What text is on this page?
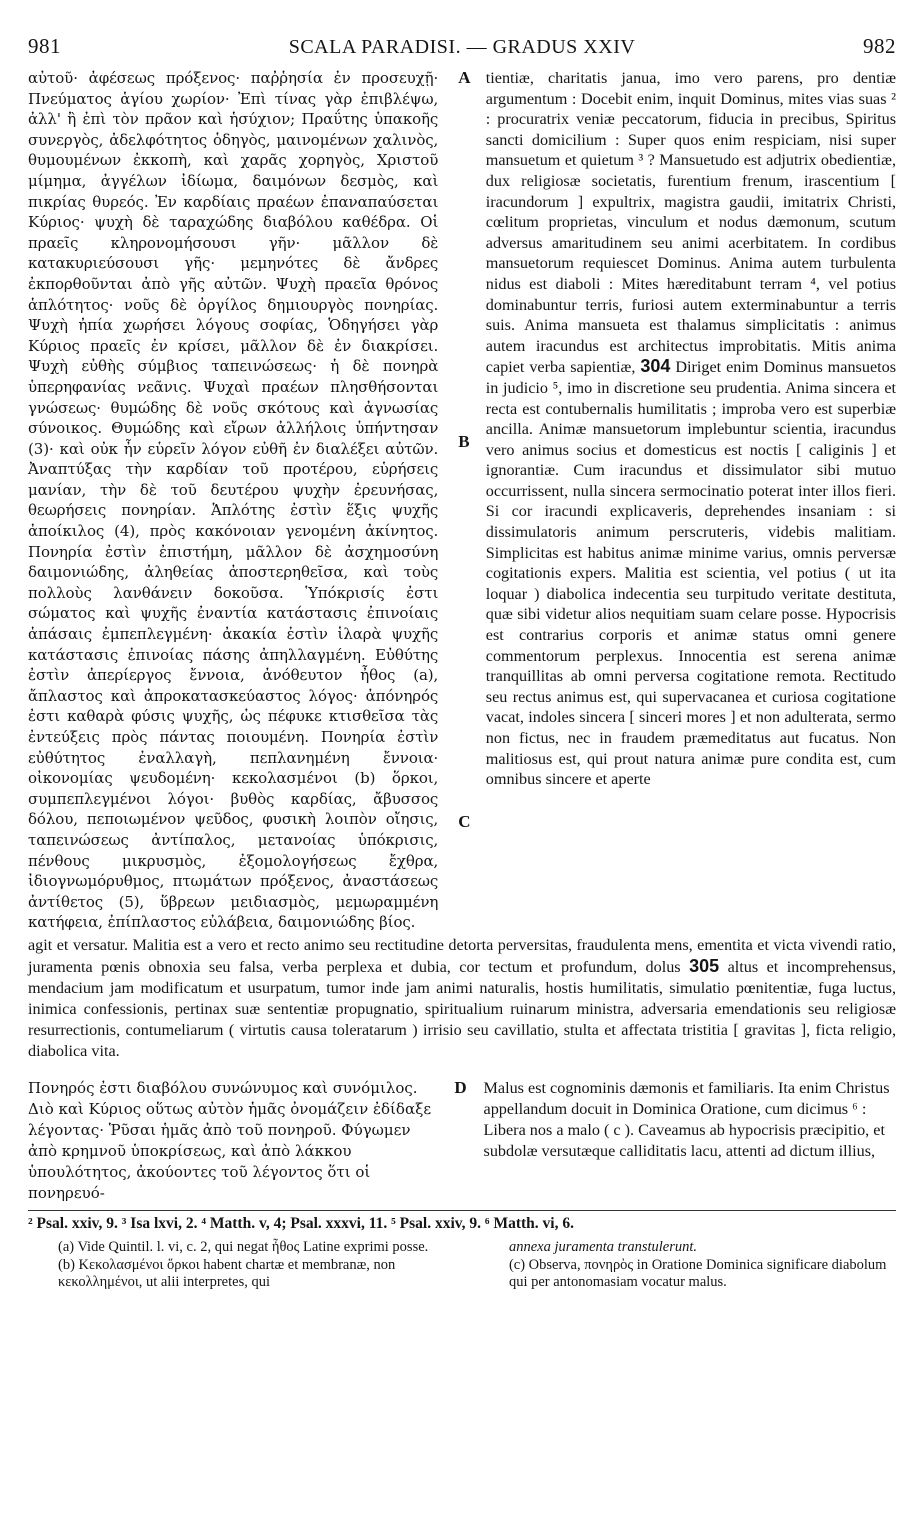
981	SCALA PARADISI. — GRADUS XXIV	982

αὐτοῦ· ἀφέσεως πρόξενος· παῤῥησία ἐν προσευχῇ· Πνεύματος ἁγίου χωρίον· Ἐπὶ τίνας γὰρ ἐπιβλέψω, ἀλλ' ἢ ἐπὶ τὸν πρᾶον καὶ ἡσύχιον; Πραΰτης ὑπακοῆς συνεργὸς, ἀδελφότητος ὁδηγὸς, μαινομένων χαλινὸς, θυμουμένων ἐκκοπὴ, καὶ χαρᾶς χορηγὸς, Χριστοῦ μίμημα, ἀγγέλων ἰδίωμα, δαιμόνων δεσμὸς, καὶ πικρίας θυρεός. Ἐν καρδίαις πραέων ἐπαναπαύσεται Κύριος· ψυχὴ δὲ ταραχώδης διαβόλου καθέδρα. Οἱ πραεῖς κληρονομήσουσι γῆν· μᾶλλον δὲ κατακυριεύσουσι γῆς· μεμηνότες δὲ ἄνδρες ἐκπορθοῦνται ἀπὸ γῆς αὐτῶν. Ψυχὴ πραεῖα θρόνος ἁπλότητος· νοῦς δὲ ὀργίλος δημιουργὸς πονηρίας. Ψυχὴ ἠπία χωρήσει λόγους σοφίας, Ὁδηγήσει γὰρ Κύριος πραεῖς ἐν κρίσει, μᾶλλον δὲ ἐν διακρίσει. Ψυχὴ εὐθὴς σύμβιος ταπεινώσεως· ἡ δὲ πονηρὰ ὑπερηφανίας νεᾶνις. Ψυχαὶ πραέων πλησθήσονται γνώσεως· θυμώδης δὲ νοῦς σκότους καὶ ἀγνωσίας σύνοικος. Θυμώδης καὶ εἴρων ἀλλήλοις ὑπήντησαν (3)· καὶ οὐκ ἦν εὑρεῖν λόγον εὐθῆ ἐν διαλέξει αὐτῶν. Ἀναπτύξας τὴν καρδίαν τοῦ προτέρου, εὑρήσεις μανίαν, τὴν δὲ τοῦ δευτέρου ψυχὴν ἐρευνήσας, θεωρήσεις πονηρίαν. Ἁπλότης ἐστὶν ἕξις ψυχῆς ἀποίκιλος (4), πρὸς κακόνοιαν γενομένη ἀκίνητος. Πονηρία ἐστὶν ἐπιστήμη, μᾶλλον δὲ ἀσχημοσύνη δαιμονιώδης, ἀληθείας ἀποστερηθεῖσα, καὶ τοὺς πολλοὺς λανθάνειν δοκοῦσα. Ὑπόκρισίς ἐστι σώματος καὶ ψυχῆς ἐναντία κατάστασις ἐπινοίαις ἁπάσαις ἐμπεπλεγμένη· ἀκακία ἐστὶν ἱλαρὰ ψυχῆς κατάστασις ἐπινοίας πάσης ἀπηλλαγμένη. Εὐθύτης ἐστὶν ἀπερίεργος ἔννοια, ἀνόθευτον ἦθος (a), ἄπλαστος καὶ ἀπροκατασκεύαστος λόγος· ἀπόνηρός ἐστι καθαρὰ φύσις ψυχῆς, ὡς πέφυκε κτισθεῖσα τὰς ἐντεύξεις πρὸς πάντας ποιουμένη. Πονηρία ἐστὶν εὐθύτητος ἐναλλαγὴ, πεπλανημένη ἔννοια· οἰκονομίας ψευδομένη· κεκολασμένοι (b) ὅρκοι, συμπεπλεγμένοι λόγοι· βυθὸς καρδίας, ἄβυσσος δόλου, πεποιωμένον ψεῦδος, φυσικὴ λοιπὸν οἴησις, ταπεινώσεως ἀντίπαλος, μετανοίας ὑπόκρισις, πένθους μικρυσμὸς, ἐξομολογήσεως ἔχθρα, ἰδιογνωμόρυθμος, πτωμάτων πρόξενος, ἀναστάσεως ἀντίθετος (5), ὕβρεων μειδιασμὸς, μεμωραμμένη κατήφεια, ἐπίπλαστος εὐλάβεια, δαιμονιώδης βίος.

A
B
C

tientiæ, charitatis janua, imo vero parens, pro dentiæ argumentum : Docebit enim, inquit Dominus, mites vias suas ² : procuratrix veniæ peccatorum, fiducia in precibus, Spiritus sancti domicilium : Super quos enim respiciam, nisi super mansuetum et quietum ³ ? Mansuetudo est adjutrix obedientiæ, dux religiosæ societatis, furentium frenum, irascentium [ iracundorum ] expultrix, magistra gaudii, imitatrix Christi, cœlitum proprietas, vinculum et nodus dæmonum, scutum adversus amaritudinem seu animi acerbitatem. In cordibus mansuetorum requiescet Dominus. Anima autem turbulenta nidus est diaboli : Mites hæreditabunt terram ⁴, vel potius dominabuntur terris, furiosi autem exterminabuntur a terris suis. Anima mansueta est thalamus simplicitatis : animus autem iracundus est architectus improbitatis. Mitis anima capiet verba sapientiæ, 304 Diriget enim Dominus mansuetos in judicio ⁵, imo in discretione seu prudentia. Anima sincera et recta est contubernalis humilitatis ; improba vero est superbiæ ancilla. Animæ mansuetorum implebuntur scientia, iracundus vero animus socius et domesticus est noctis [ caliginis ] et ignorantiæ. Cum iracundus et dissimulator sibi mutuo occurrissent, nulla sincera sermocinatio poterat inter illos fieri. Si cor iracundi explicaveris, deprehendes insaniam : si dissimulatoris animum perscruteris, videbis malitiam. Simplicitas est habitus animæ minime varius, omnis perversæ cogitationis expers. Malitia est scientia, vel potius ( ut ita loquar ) diabolica indecentia seu turpitudo veritate destituta, quæ sibi videtur alios nequitiam suam celare posse. Hypocrisis est contrarius corporis et animæ status omni genere commentorum perplexus. Innocentia est serena animæ tranquillitas ab omni perversa cogitatione remota. Rectitudo seu rectus animus est, qui supervacanea et curiosa cogitatione vacat, indoles sincera [ sinceri mores ] et non adulterata, sermo non fictus, nec in fraudem præmeditatus aut fucatus. Non malitiosus est, qui prout natura animæ pure condita est, cum omnibus sincere et aperte

agit et versatur. Malitia est a vero et recto animo seu rectitudine detorta perversitas, fraudulenta mens, ementita et victa vivendi ratio, juramenta pœnis obnoxia seu falsa, verba perplexa et dubia, cor tectum et profundum, dolus 305 altus et incomprehensus, mendacium jam modificatum et usurpatum, tumor inde jam animi naturalis, hostis humilitatis, simulatio pœnitentiæ, fuga luctus, inimica confessionis, pertinax suæ sententiæ propugnatio, spiritualium ruinarum ministra, adversaria emendationis seu religiosæ resurrectionis, contumeliarum ( virtutis causa toleratarum ) irrisio seu cavillatio, stulta et affectata tristitia [ gravitas ], ficta religio, diabolica vita.

Πονηρός ἐστι διαβόλου συνώνυμος καὶ συνόμιλος. Διὸ καὶ Κύριος οὕτως αὐτὸν ἡμᾶς ὀνομάζειν ἐδίδαξε λέγοντας· Ῥῦσαι ἡμᾶς ἀπὸ τοῦ πονηροῦ. Φύγωμεν ἀπὸ κρημνοῦ ὑποκρίσεως, καὶ ἀπὸ λάκκου ὑπουλότητος, ἀκούοντες τοῦ λέγοντος ὅτι οἱ πονηρευό-
D Malus est cognominis dæmonis et familiaris. Ita enim Christus appellandum docuit in Dominica Oratione, cum dicimus ⁶ : Libera nos a malo ( c ). Caveamus ab hypocrisis præcipitio, et subdolæ versutæque calliditatis lacu, attenti ad dictum illius,
² Psal. xxiv, 9. ³ Isa lxvi, 2. ⁴ Matth. v, 4; Psal. xxxvi, 11. ⁵ Psal. xxiv, 9. ⁶ Matth. vi, 6.

(a) Vide Quintil. l. vi, c. 2, qui negat ἦθος Latine exprimi posse.

(b) Κεκολασμένοι ὅρκοι habent chartæ et membranæ, non κεκολλημένοι, ut alii interpretes, qui

annexa juramenta transtulerunt.

(c) Observa, πονηρὸς in Oratione Dominica significare diabolum qui per antonomasiam vocatur malus.
